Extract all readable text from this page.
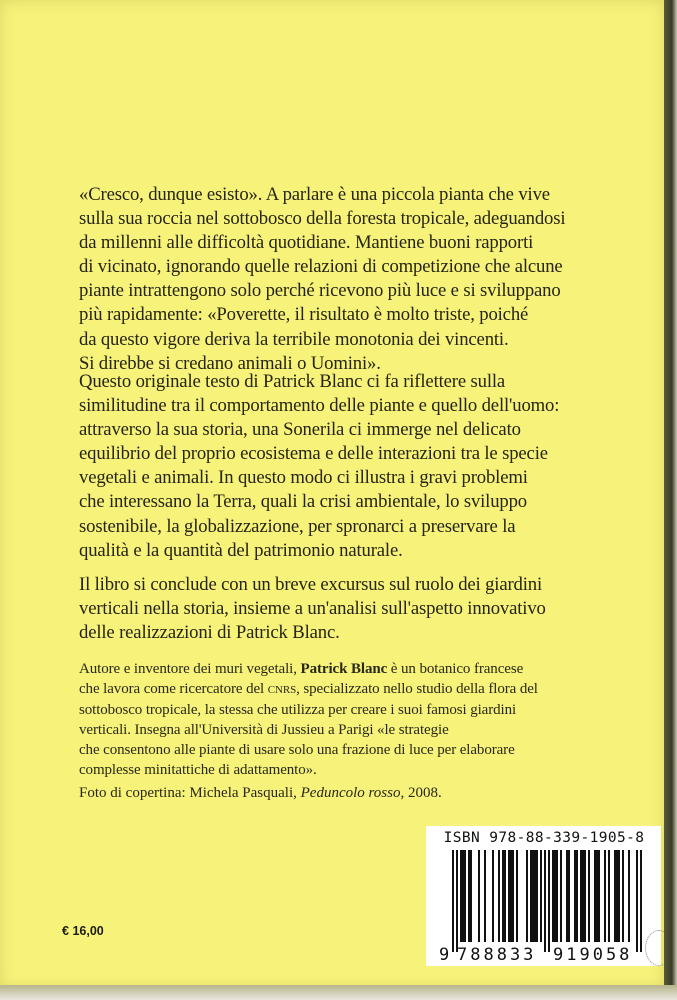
«Cresco, dunque esisto». A parlare è una piccola pianta che vive
sulla sua roccia nel sottobosco della foresta tropicale, adeguandosi
da millenni alle difficoltà quotidiane. Mantiene buoni rapporti
di vicinato, ignorando quelle relazioni di competizione che alcune
piante intrattengono solo perché ricevono più luce e si sviluppano
più rapidamente: «Poverette, il risultato è molto triste, poiché
da questo vigore deriva la terribile monotonia dei vincenti.
Si direbbe si credano animali o Uomini».
Questo originale testo di Patrick Blanc ci fa riflettere sulla
similitudine tra il comportamento delle piante e quello dell'uomo:
attraverso la sua storia, una Sonerila ci immerge nel delicato
equilibrio del proprio ecosistema e delle interazioni tra le specie
vegetali e animali. In questo modo ci illustra i gravi problemi
che interessano la Terra, quali la crisi ambientale, lo sviluppo
sostenibile, la globalizzazione, per spronarci a preservare la
qualità e la quantità del patrimonio naturale.
Il libro si conclude con un breve excursus sul ruolo dei giardini
verticali nella storia, insieme a un'analisi sull'aspetto innovativo
delle realizzazioni di Patrick Blanc.
Autore e inventore dei muri vegetali, Patrick Blanc è un botanico francese
che lavora come ricercatore del cnrs, specializzato nello studio della flora del
sottobosco tropicale, la stessa che utilizza per creare i suoi famosi giardini
verticali. Insegna all'Università di Jussieu a Parigi «le strategie
che consentono alle piante di usare solo una frazione di luce per elaborare
complesse minitattiche di adattamento».
Foto di copertina: Michela Pasquali, Peduncolo rosso, 2008.
ISBN 978-88-339-1905-8
9 788833 919058
€ 16,00
